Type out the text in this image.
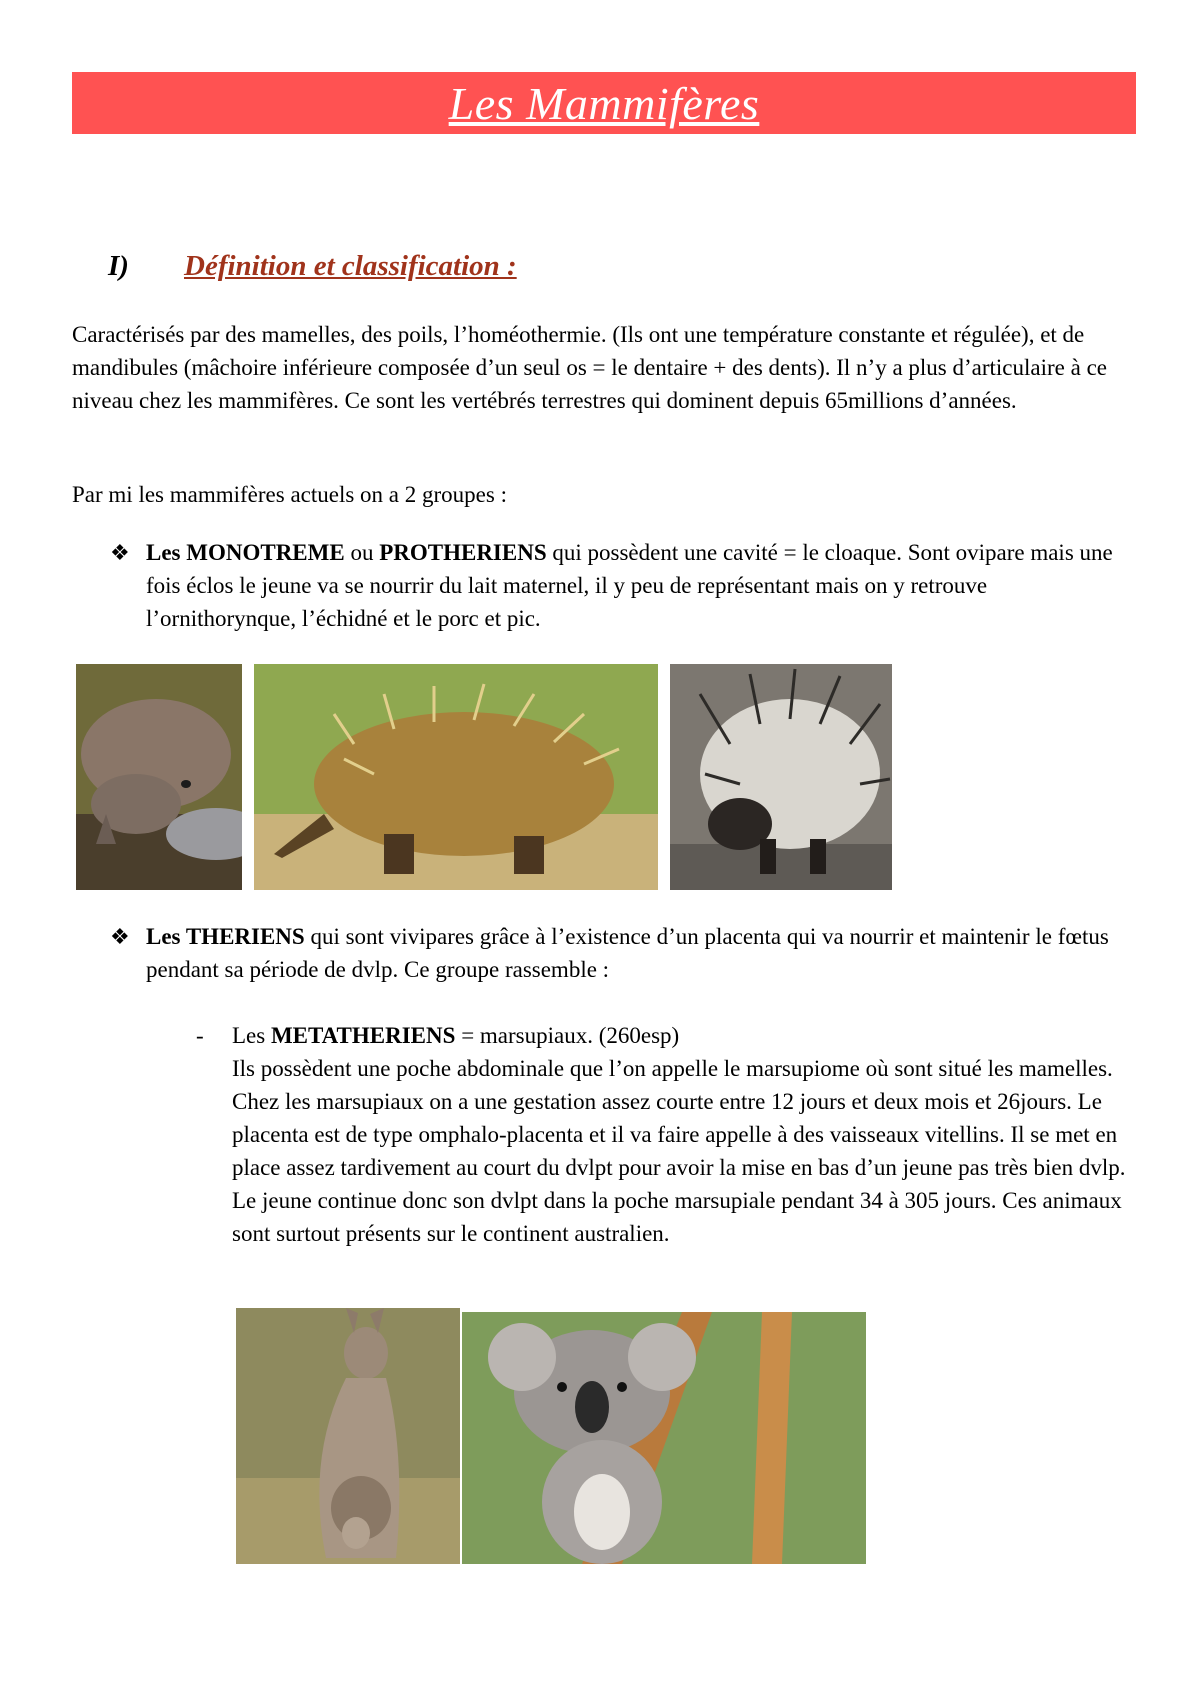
Les Mammifères
I)	Définition et classification :

Caractérisés par des mamelles, des poils, l’homéothermie. (Ils ont une température constante et régulée), et de mandibules (mâchoire inférieure composée d’un seul os = le dentaire + des dents). Il n’y a plus d’articulaire à ce niveau chez les mammifères. Ce sont les vertébrés terrestres qui dominent depuis 65millions d’années.

Par mi les mammifères actuels on a 2 groupes :

❖ Les MONOTREME ou PROTHERIENS qui possèdent une cavité = le cloaque. Sont ovipare mais une fois éclos le jeune va se nourrir du lait maternel, il y peu de représentant mais on y retrouve l’ornithorynque, l’échidné et le porc et pic.
❖ Les THERIENS qui sont vivipares grâce à l’existence d’un placenta qui va nourrir et maintenir le fœtus pendant sa période de dvlp. Ce groupe rassemble :
-	Les METATHERIENS = marsupiaux. (260esp)
Ils possèdent une poche abdominale que l’on appelle le marsupiome où sont situé les mamelles. Chez les marsupiaux on a une gestation assez courte entre 12 jours et deux mois et 26jours. Le placenta est de type omphalo-placenta et il va faire appelle à des vaisseaux vitellins. Il se met en place assez tardivement au court du dvlpt pour avoir la mise en bas d’un jeune pas très bien dvlp. Le jeune continue donc son dvlpt dans la poche marsupiale pendant 34 à 305 jours. Ces animaux sont surtout présents sur le continent australien.
